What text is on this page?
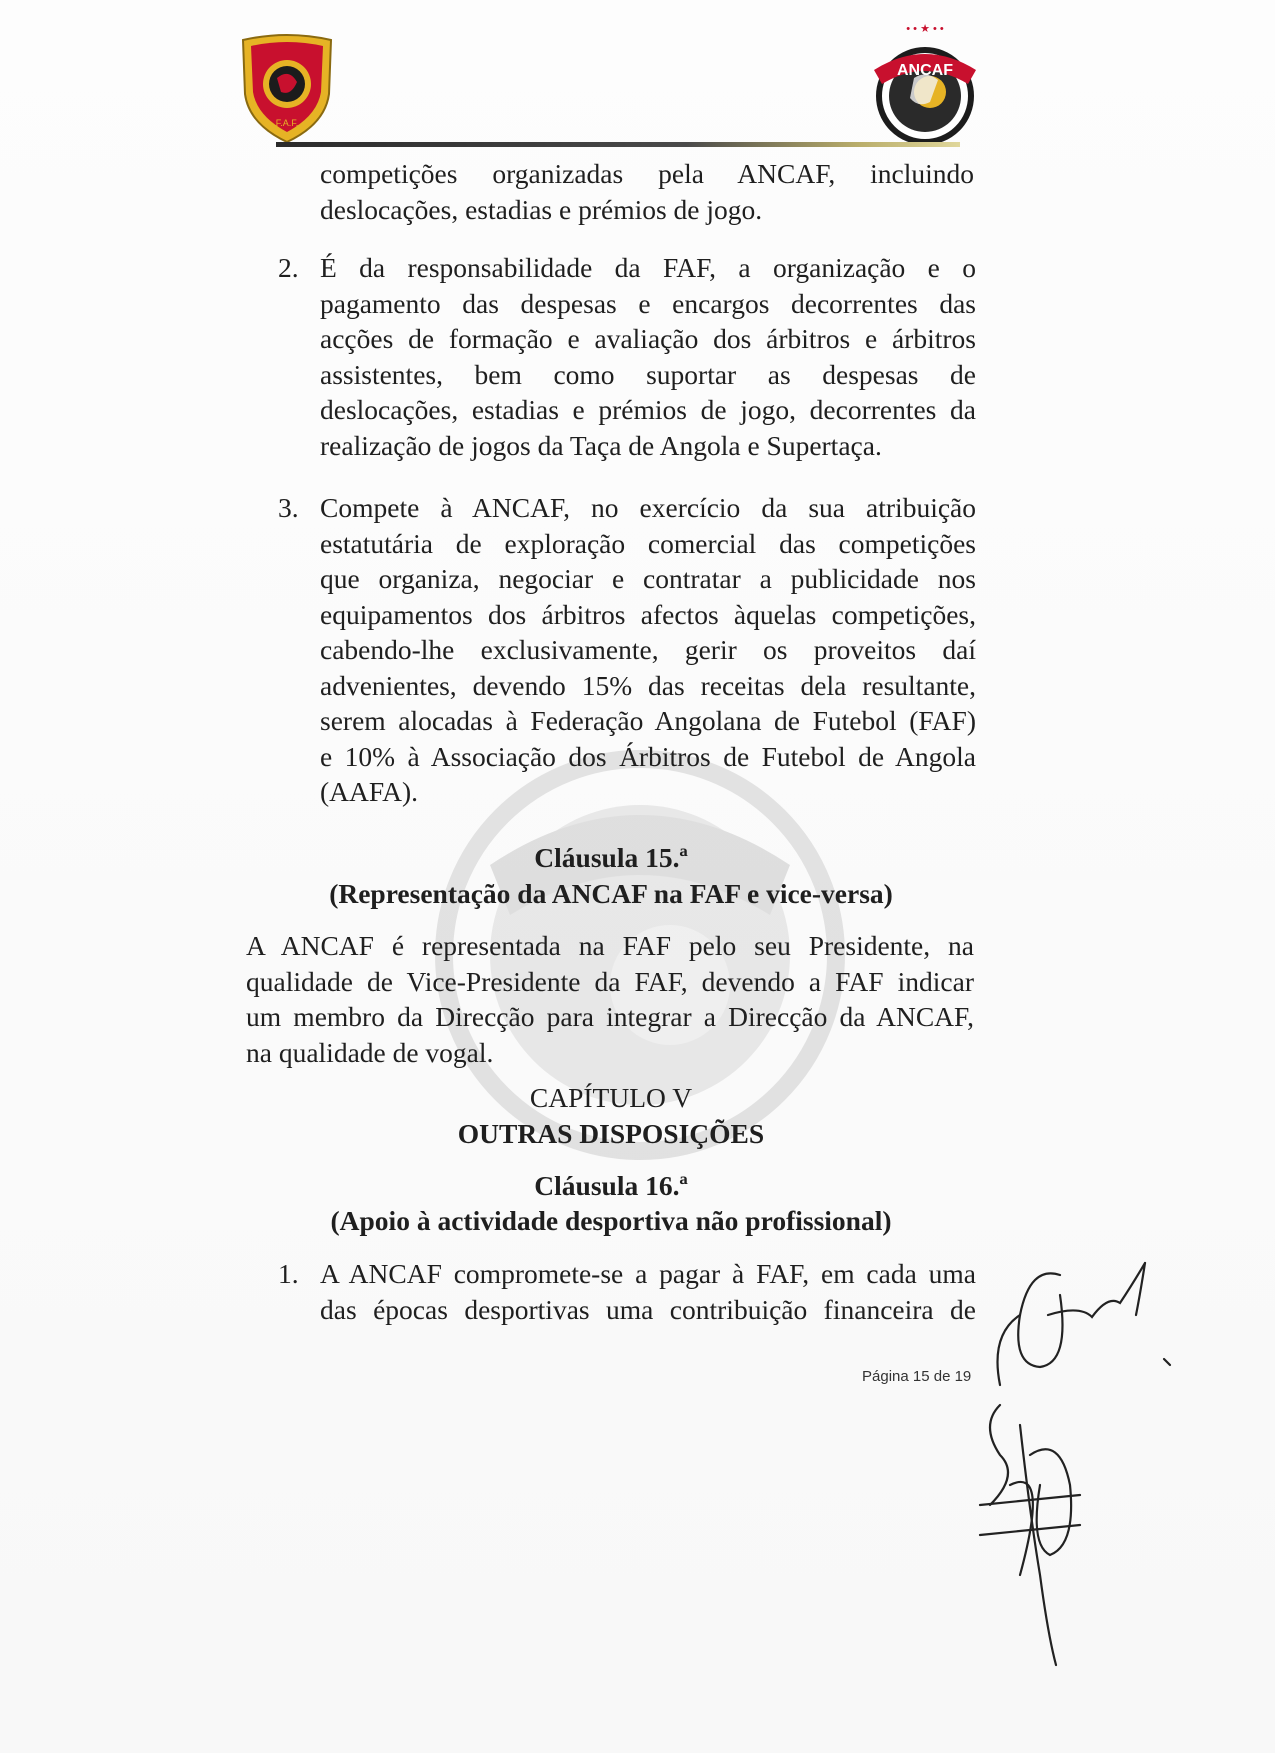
F.A.F.
• • ★ • •
ANCAF

competições organizadas pela ANCAF, incluindo

deslocações, estadias e prémios de jogo.

2. É da responsabilidade da FAF, a organização e o

pagamento das despesas e encargos decorrentes das

acções de formação e avaliação dos árbitros e árbitros

assistentes, bem como suportar as despesas de

deslocações, estadias e prémios de jogo, decorrentes da

realização de jogos da Taça de Angola e Supertaça.

3. Compete à ANCAF, no exercício da sua atribuição

estatutária de exploração comercial das competições

que organiza, negociar e contratar a publicidade nos

equipamentos dos árbitros afectos àquelas competições,

cabendo-lhe exclusivamente, gerir os proveitos daí

advenientes, devendo 15% das receitas dela resultante,

serem alocadas à Federação Angolana de Futebol (FAF)

e 10% à Associação dos Árbitros de Futebol de Angola

(AAFA).

Cláusula 15.ª
(Representação da ANCAF na FAF e vice-versa)

A ANCAF é representada na FAF pelo seu Presidente, na

qualidade de Vice-Presidente da FAF, devendo a FAF indicar

um membro da Direcção para integrar a Direcção da ANCAF,

na qualidade de vogal.

CAPÍTULO V
OUTRAS DISPOSIÇÕES
Cláusula 16.ª
(Apoio à actividade desportiva não profissional)
1. A ANCAF compromete-se a pagar à FAF, em cada uma

das épocas desportivas uma contribuição financeira de

Página 15 de 19
